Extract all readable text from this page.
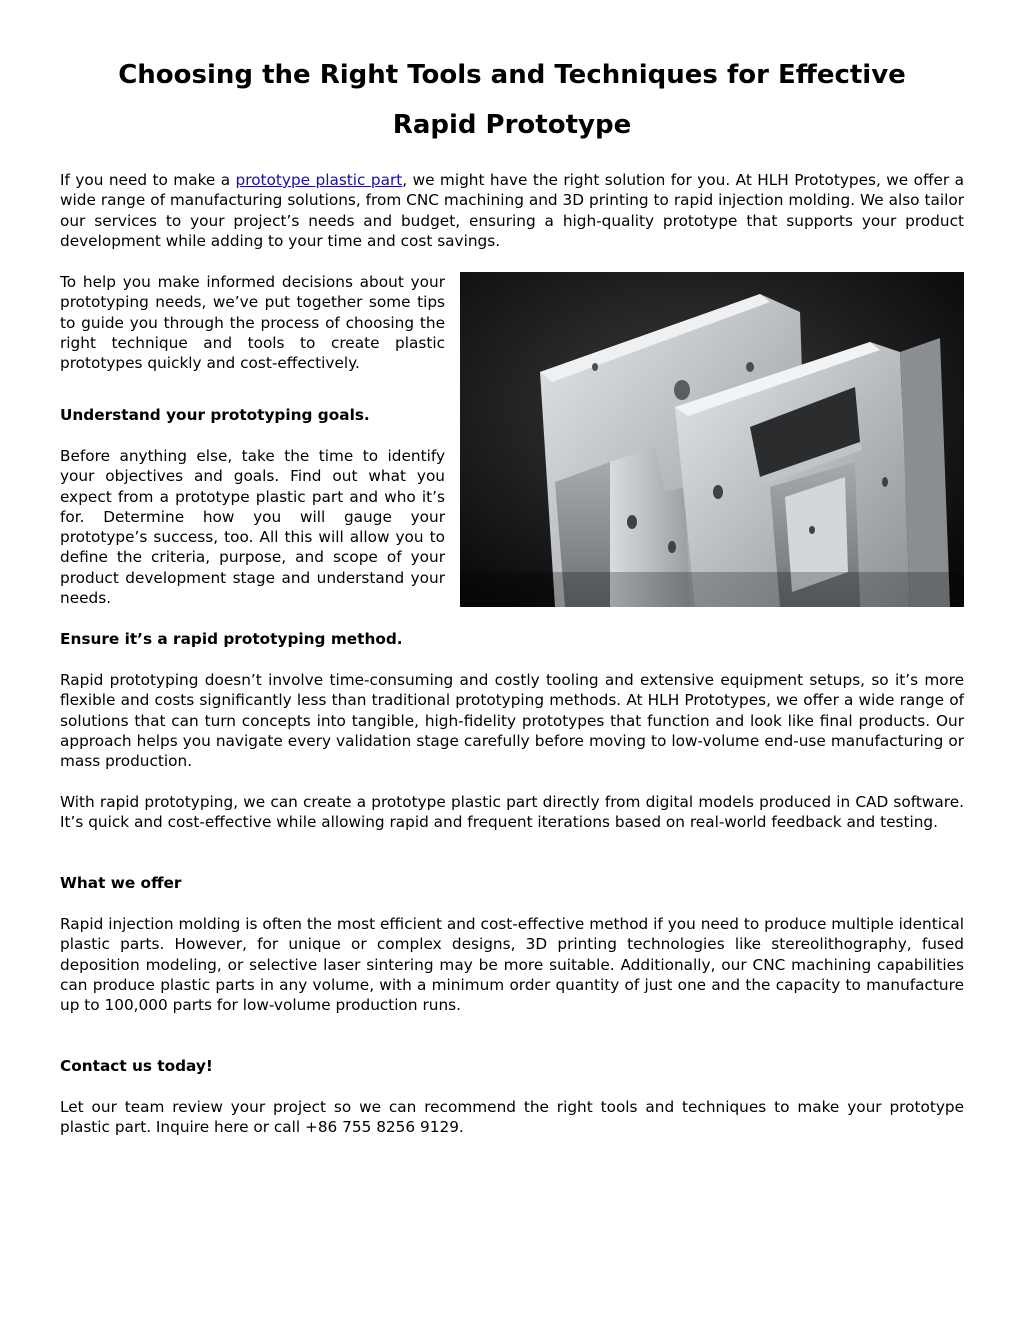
Choosing the Right Tools and Techniques for Effective
Rapid Prototype

If you need to make a prototype plastic part, we might have the right solution for you. At HLH Prototypes, we offer a wide range of manufacturing solutions, from CNC machining and 3D printing to rapid injection molding. We also tailor our services to your project’s needs and budget, ensuring a high-quality prototype that supports your product development while adding to your time and cost savings.

To help you make informed decisions about your prototyping needs, we’ve put together some tips to guide you through the process of choosing the right technique and tools to create plastic prototypes quickly and cost-effectively.

Understand your prototyping goals.

Before anything else, take the time to identify your objectives and goals. Find out what you expect from a prototype plastic part and who it’s for. Determine how you will gauge your prototype’s success, too. All this will allow you to define the criteria, purpose, and scope of your product development stage and understand your needs.

Ensure it’s a rapid prototyping method.

Rapid prototyping doesn’t involve time-consuming and costly tooling and extensive equipment setups, so it’s more flexible and costs significantly less than traditional prototyping methods. At HLH Prototypes, we offer a wide range of solutions that can turn concepts into tangible, high-fidelity prototypes that function and look like final products. Our approach helps you navigate every validation stage carefully before moving to low-volume end-use manufacturing or mass production.

With rapid prototyping, we can create a prototype plastic part directly from digital models produced in CAD software. It’s quick and cost-effective while allowing rapid and frequent iterations based on real-world feedback and testing.

What we offer

Rapid injection molding is often the most efficient and cost-effective method if you need to produce multiple identical plastic parts. However, for unique or complex designs, 3D printing technologies like stereolithography, fused deposition modeling, or selective laser sintering may be more suitable. Additionally, our CNC machining capabilities can produce plastic parts in any volume, with a minimum order quantity of just one and the capacity to manufacture up to 100,000 parts for low-volume production runs.

Contact us today!

Let our team review your project so we can recommend the right tools and techniques to make your prototype plastic part. Inquire here or call +86 755 8256 9129.
